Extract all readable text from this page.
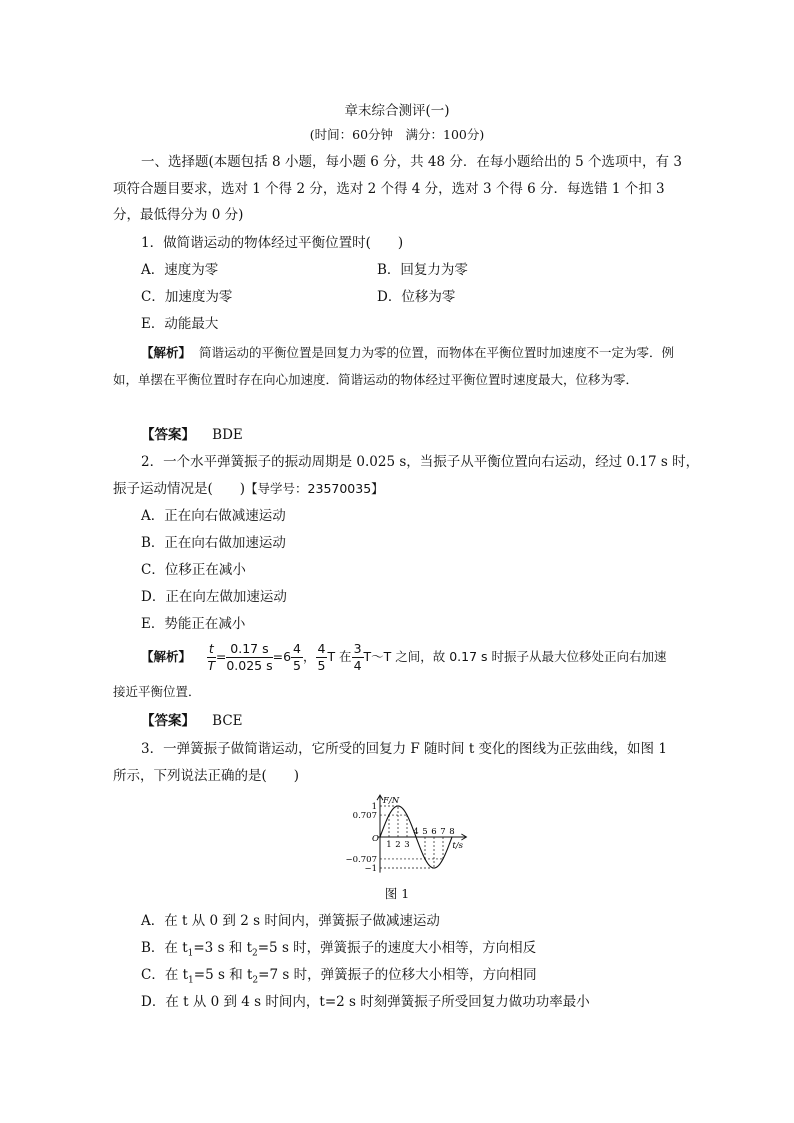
章末综合测评(一)
(时间：60分钟　满分：100分)
一、选择题(本题包括 8 小题，每小题 6 分，共 48 分．在每小题给出的 5 个选项中，有 3 项符合题目要求，选对 1 个得 2 分，选对 2 个得 4 分，选对 3 个得 6 分．每选错 1 个扣 3 分，最低得分为 0 分)
1．做简谐运动的物体经过平衡位置时(　　)
A．速度为零	B．回复力为零
C．加速度为零	D．位移为零
E．动能最大
【解析】 简谐运动的平衡位置是回复力为零的位置，而物体在平衡位置时加速度不一定为零．例如，单摆在平衡位置时存在向心加速度．简谐运动的物体经过平衡位置时速度最大，位移为零．
【答案】 BDE
2．一个水平弹簧振子的振动周期是 0.025 s，当振子从平衡位置向右运动，经过 0.17 s 时，
振子运动情况是(　　)【导学号：23570035】
A．正在向右做减速运动
B．正在向右做加速运动
C．位移正在减小
D．正在向左做加速运动
E．势能正在减小
【解析】 $\frac{t}{T} = \frac{0.17 s}{0.025 s} =6 \frac{4}{5}$ ， $\frac{4}{5}$ T 在 $\frac{3}{4}$ T～T 之间，故 0.17 s 时振子从最大位移处正向右加速
接近平衡位置．
【答案】 BCE
3．一弹簧振子做简谐运动，它所受的回复力 F 随时间 t 变化的图线为正弦曲线，如图 1
所示，下列说法正确的是(　　)
F/N
t/s
O
1
0.707
−0.707
−1
1 2 3
4 5 6 7 8
图 1
A．在 t 从 0 到 2 s 时间内，弹簧振子做减速运动
B．在 $t_1=3$ s 和 $t_2=5$ s 时，弹簧振子的速度大小相等，方向相反
C．在 $t_1=5$ s 和 $t_2=7$ s 时，弹簧振子的位移大小相等，方向相同
D．在 t 从 0 到 4 s 时间内，t=2 s 时刻弹簧振子所受回复力做功功率最小
